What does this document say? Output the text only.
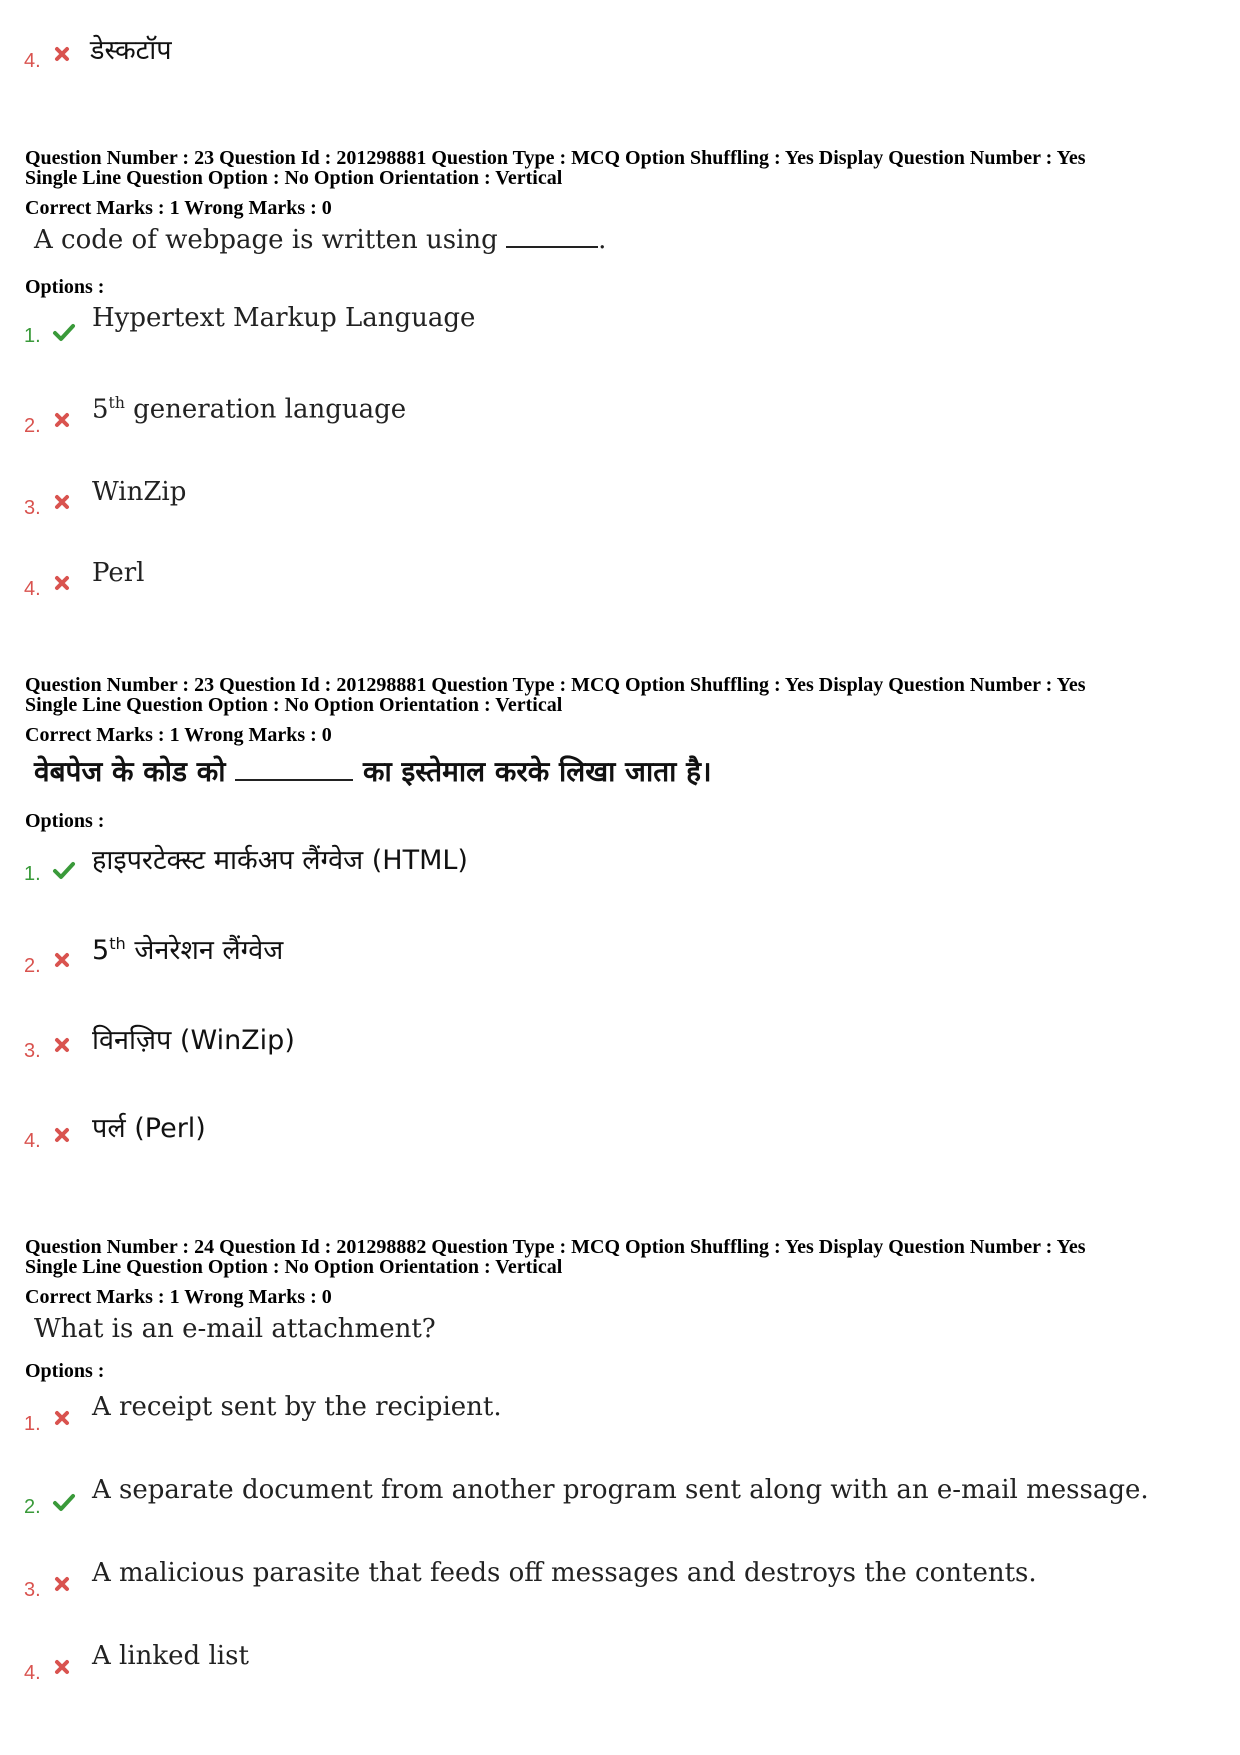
4. डेस्कटॉप
Question Number : 23 Question Id : 201298881 Question Type : MCQ Option Shuffling : Yes Display Question Number : Yes
Single Line Question Option : No Option Orientation : Vertical
Correct Marks : 1 Wrong Marks : 0
A code of webpage is written using	.
Options :
1.
Hypertext Markup Language
2.
5th generation language
3.
WinZip
4.
Perl
Question Number : 23 Question Id : 201298881 Question Type : MCQ Option Shuffling : Yes Display Question Number : Yes
Single Line Question Option : No Option Orientation : Vertical
Correct Marks : 1 Wrong Marks : 0
वेबपेज के कोड को	का इस्तेमाल करके लिखा जाता है।
Options :
1. हाइपरटेक्स्ट मार्कअप लैंग्वेज (HTML)
2. 5th जेनरेशन लैंग्वेज
3. विनज़िप (WinZip)
4. पर्ल (Perl)
Question Number : 24 Question Id : 201298882 Question Type : MCQ Option Shuffling : Yes Display Question Number : Yes
Single Line Question Option : No Option Orientation : Vertical
Correct Marks : 1 Wrong Marks : 0
What is an e-mail attachment?
Options :
1.
A receipt sent by the recipient.
2.
A separate document from another program sent along with an e-mail message.
3.
A malicious parasite that feeds off messages and destroys the contents.
4.
A linked list
